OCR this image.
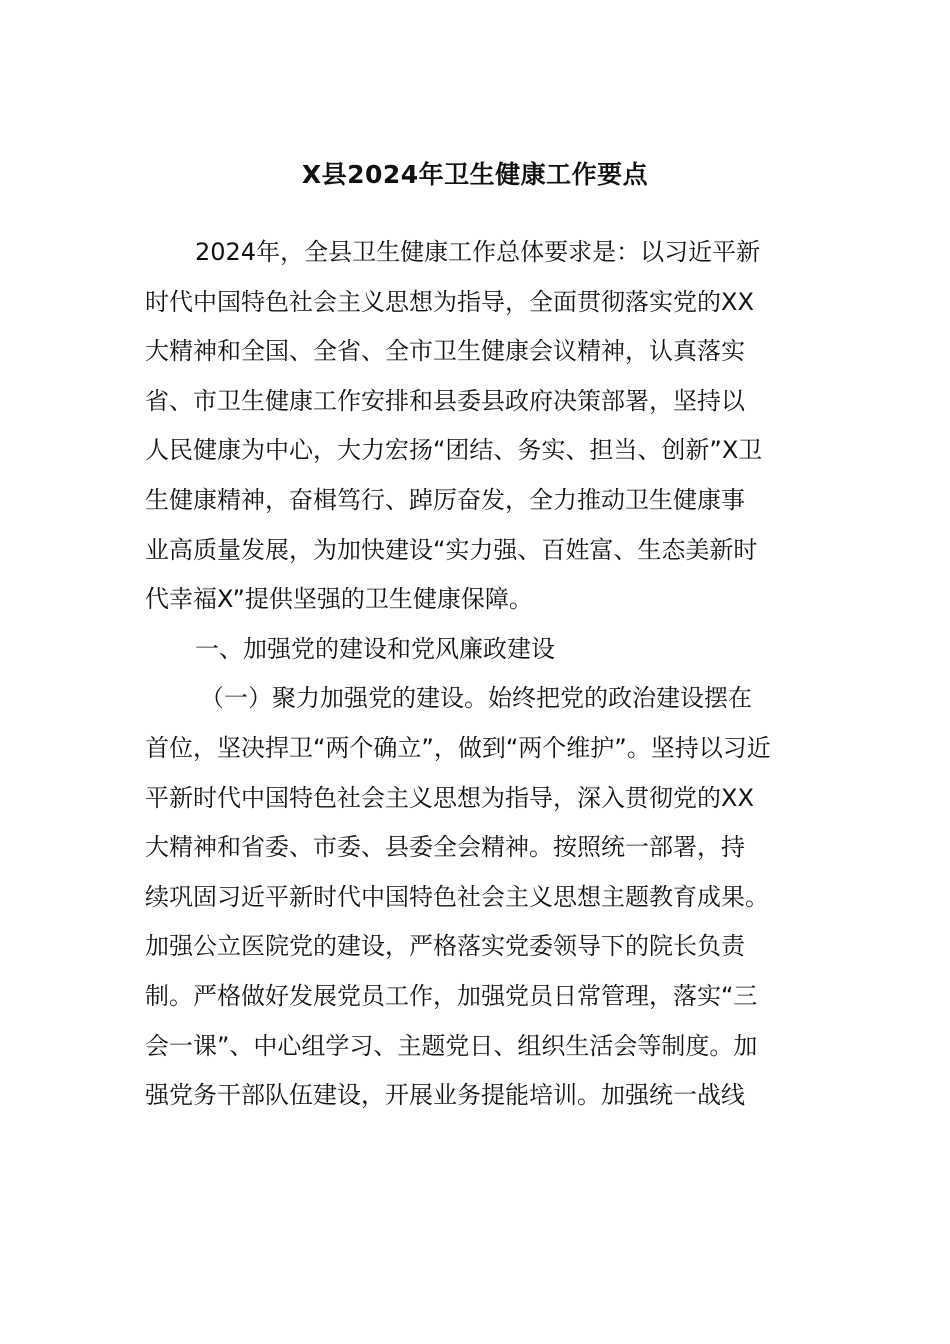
X县2024年卫生健康工作要点
2024年，全县卫生健康工作总体要求是：以习近平新
时代中国特色社会主义思想为指导，全面贯彻落实党的XX
大精神和全国、全省、全市卫生健康会议精神，认真落实
省、市卫生健康工作安排和县委县政府决策部署，坚持以
人民健康为中心，大力宏扬“团结、务实、担当、创新”X卫
生健康精神，奋楫笃行、踔厉奋发，全力推动卫生健康事
业高质量发展，为加快建设“实力强、百姓富、生态美新时
代幸福X”提供坚强的卫生健康保障。
一、加强党的建设和党风廉政建设
（一）聚力加强党的建设。始终把党的政治建设摆在
首位，坚决捍卫“两个确立”，做到“两个维护”。坚持以习近
平新时代中国特色社会主义思想为指导，深入贯彻党的XX
大精神和省委、市委、县委全会精神。按照统一部署，持
续巩固习近平新时代中国特色社会主义思想主题教育成果。
加强公立医院党的建设，严格落实党委领导下的院长负责
制。严格做好发展党员工作，加强党员日常管理，落实“三
会一课”、中心组学习、主题党日、组织生活会等制度。加
强党务干部队伍建设，开展业务提能培训。加强统一战线
